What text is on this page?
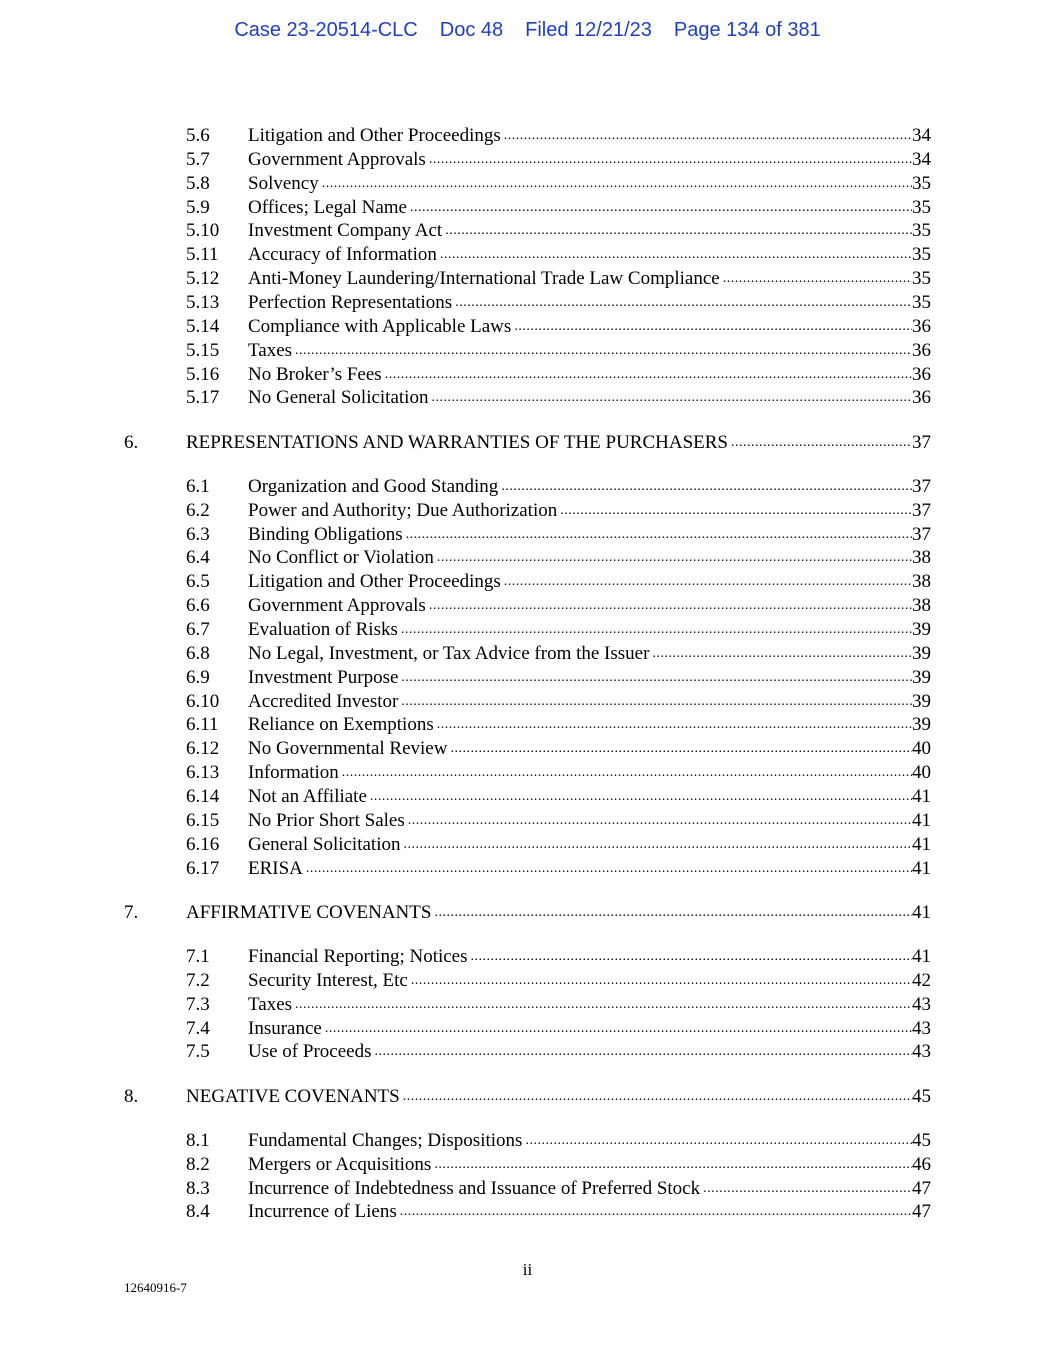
Case 23-20514-CLC Doc 48 Filed 12/21/23 Page 134 of 381
5.6 Litigation and Other Proceedings .....	34
5.7 Government Approvals .....	34
5.8 Solvency .....	35
5.9 Offices; Legal Name .....	35
5.10 Investment Company Act .....	35
5.11 Accuracy of Information .....	35
5.12 Anti-Money Laundering/International Trade Law Compliance .....	35
5.13 Perfection Representations .....	35
5.14 Compliance with Applicable Laws .....	36
5.15 Taxes .....	36
5.16 No Broker’s Fees .....	36
5.17 No General Solicitation .....	36
6.	REPRESENTATIONS AND WARRANTIES OF THE PURCHASERS .....	37
6.1 Organization and Good Standing .....	37
6.2 Power and Authority; Due Authorization .....	37
6.3 Binding Obligations .....	37
6.4 No Conflict or Violation .....	38
6.5 Litigation and Other Proceedings .....	38
6.6 Government Approvals .....	38
6.7 Evaluation of Risks .....	39
6.8 No Legal, Investment, or Tax Advice from the Issuer .....	39
6.9 Investment Purpose .....	39
6.10 Accredited Investor .....	39
6.11 Reliance on Exemptions .....	39
6.12 No Governmental Review .....	40
6.13 Information .....	40
6.14 Not an Affiliate .....	41
6.15 No Prior Short Sales .....	41
6.16 General Solicitation .....	41
6.17 ERISA .....	41
7.	AFFIRMATIVE COVENANTS .....	41
7.1 Financial Reporting; Notices .....	41
7.2 Security Interest, Etc .....	42
7.3 Taxes .....	43
7.4 Insurance .....	43
7.5 Use of Proceeds .....	43
8.	NEGATIVE COVENANTS .....	45
8.1 Fundamental Changes; Dispositions .....	45
8.2 Mergers or Acquisitions .....	46
8.3 Incurrence of Indebtedness and Issuance of Preferred Stock .....	47
8.4 Incurrence of Liens .....	47
ii
12640916-7
